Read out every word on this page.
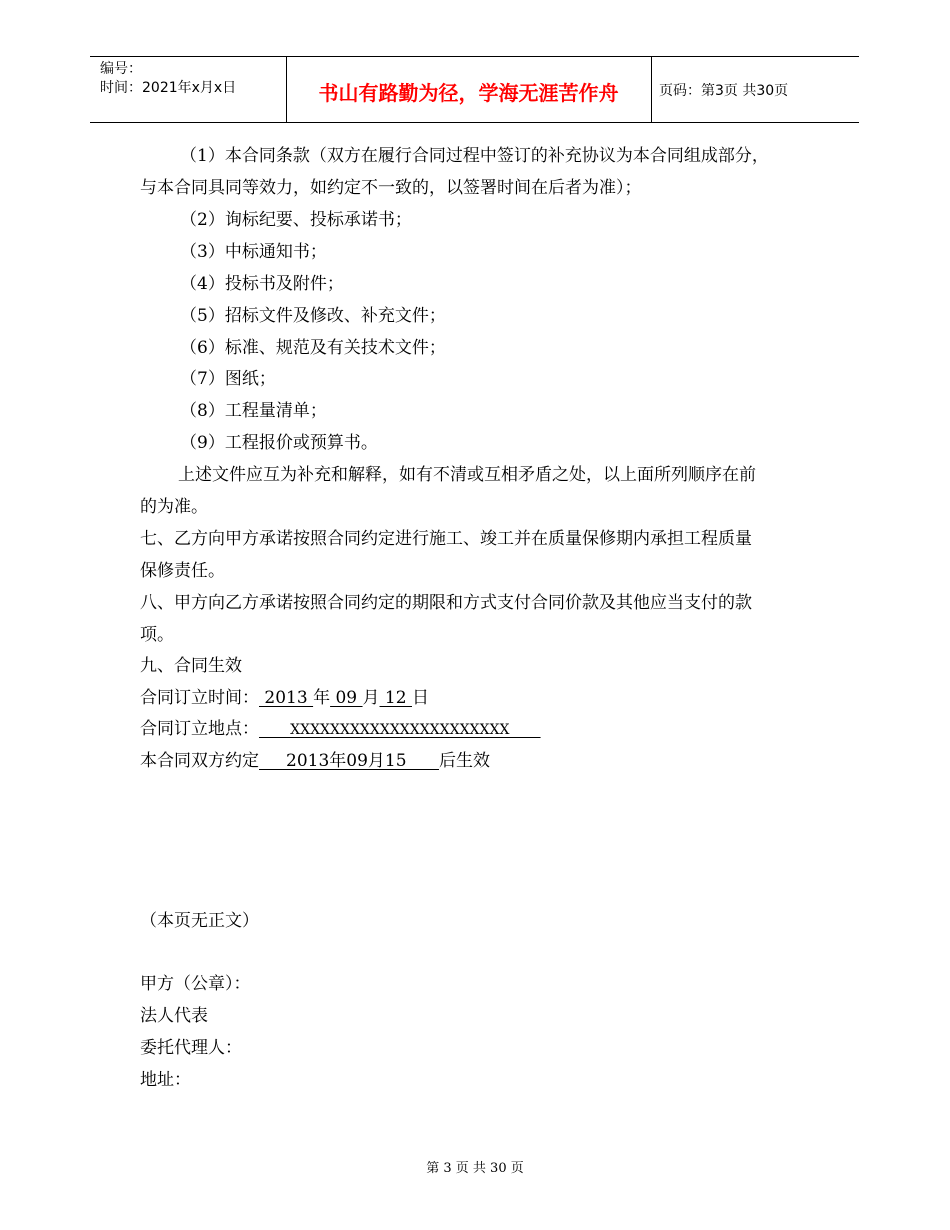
编号：
时间：2021年x月x日	书山有路勤为径，学海无涯苦作舟	页码：第3页 共30页
（1）本合同条款（双方在履行合同过程中签订的补充协议为本合同组成部分，
与本合同具同等效力，如约定不一致的，以签署时间在后者为准）；
（2）询标纪要、投标承诺书；
（3）中标通知书；
（4）投标书及附件；
（5）招标文件及修改、补充文件；
（6）标准、规范及有关技术文件；
（7）图纸；
（8）工程量清单；
（9）工程报价或预算书。
上述文件应互为补充和解释，如有不清或互相矛盾之处，以上面所列顺序在前
的为准。
七、乙方向甲方承诺按照合同约定进行施工、竣工并在质量保修期内承担工程质量
保修责任。
八、甲方向乙方承诺按照合同约定的期限和方式支付合同价款及其他应当支付的款
项。
九、合同生效
合同订立时间： 2013 年 09 月 12 日
合同订立地点：       XXXXXXXXXXXXXXXXXXXXXX
本合同双方约定     2013年09月15      后生效
（本页无正文）
甲方（公章）：
法人代表
委托代理人：
地址：
第 3 页 共 30 页
